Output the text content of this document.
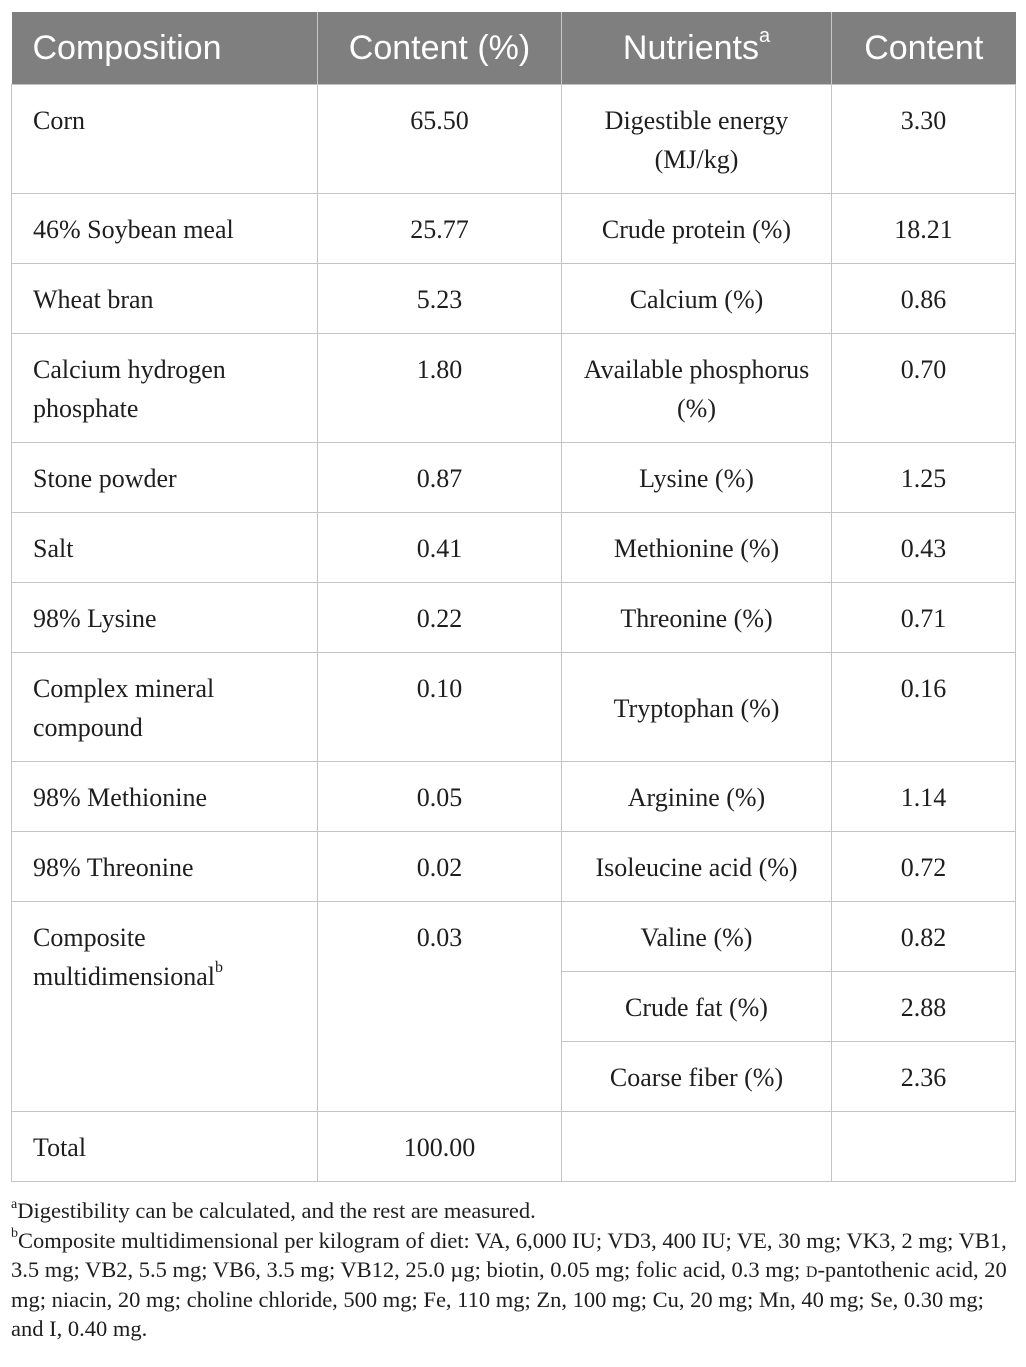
Composition	Content (%)	Nutrients$^a$	Content
Corn	65.50	Digestible energy (MJ/kg)	3.30
46% Soybean meal	25.77	Crude protein (%)	18.21
Wheat bran	5.23	Calcium (%)	0.86
Calcium hydrogen phosphate	1.80	Available phosphorus (%)	0.70
Stone powder	0.87	Lysine (%)	1.25
Salt	0.41	Methionine (%)	0.43
98% Lysine	0.22	Threonine (%)	0.71
Complex mineral compound	0.10	Tryptophan (%)	0.16
98% Methionine	0.05	Arginine (%)	1.14
98% Threonine	0.02	Isoleucine acid (%)	0.72
Composite multidimensional$^b$	0.03	Valine (%)	0.82
		Crude fat (%)	2.88
		Coarse fiber (%)	2.36
Total	100.00		

$^a$Digestibility can be calculated, and the rest are measured.

$^b$Composite multidimensional per kilogram of diet: VA, 6,000 IU; VD3, 400 IU; VE, 30 mg; VK3, 2 mg; VB1, 3.5 mg; VB2, 5.5 mg; VB6, 3.5 mg; VB12, 25.0 µg; biotin, 0.05 mg; folic acid, 0.3 mg; d-pantothenic acid, 20 mg; niacin, 20 mg; choline chloride, 500 mg; Fe, 110 mg; Zn, 100 mg; Cu, 20 mg; Mn, 40 mg; Se, 0.30 mg; and I, 0.40 mg.
